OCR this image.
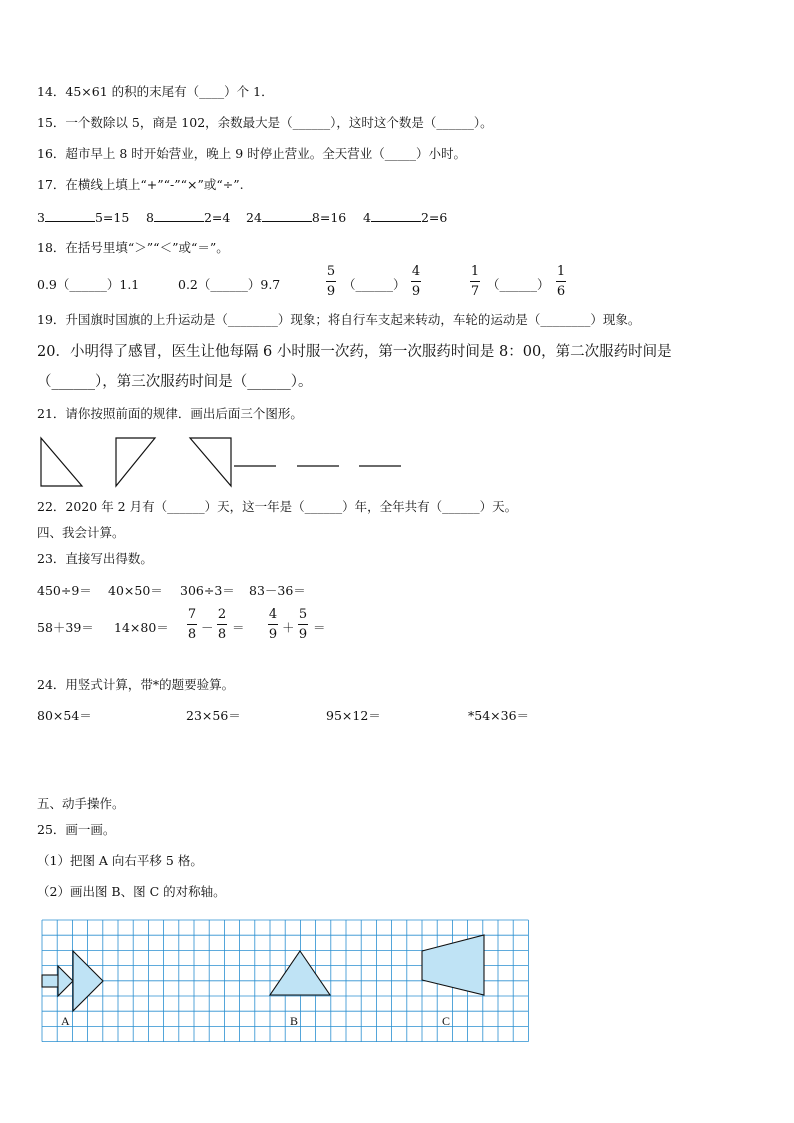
14．45×61 的积的末尾有（____）个 1．
15．一个数除以 5，商是 102，余数最大是（______），这时这个数是（______）。
16．超市早上 8 时开始营业，晚上 9 时停止营业。全天营业（_____）小时。
17．在横线上填上“+”“-”“×”或“÷”.
3	5=15 8	2=4 24	8=16 4	2=6
18．在括号里填“＞”“＜”或“＝”。
0.9（______）1.1	0.2（______）9.7
5
9 （______）
4
9
1
7 （______）
1
6
19．升国旗时国旗的上升运动是（________）现象；将自行车支起来转动，车轮的运动是（________）现象。
20．小明得了感冒，医生让他每隔 6 小时服一次药，第一次服药时间是 8：00，第二次服药时间是
（______），第三次服药时间是（______）。
21．请你按照前面的规律．画出后面三个图形。
22．2020 年 2 月有（______）天，这一年是（______）年，全年共有（______）天。
四、我会计算。
23．直接写出得数。
450÷9＝ 40×50＝ 306÷3＝ 83－36＝
58＋39＝ 14×80＝
7
8 －
2
8 ＝
4
9 ＋
5
9 ＝
24．用竖式计算，带*的题要验算。
80×54＝	23×56＝	95×12＝	*54×36＝
五、动手操作。
25．画一画。
（1）把图 A 向右平移 5 格。
（2）画出图 B、图 C 的对称轴。
A	B	C
